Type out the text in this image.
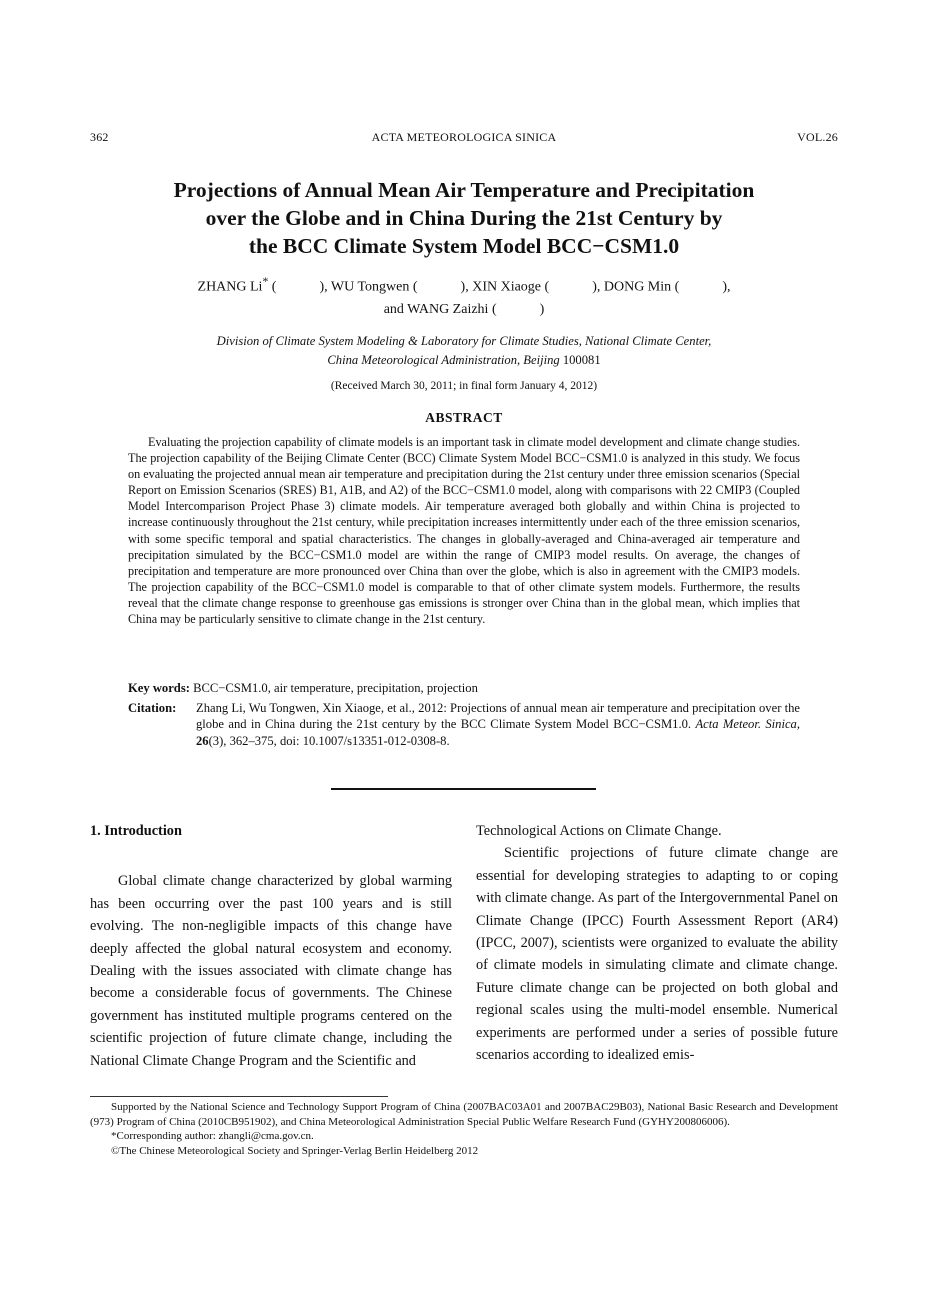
362	ACTA METEOROLOGICA SINICA	VOL.26
Projections of Annual Mean Air Temperature and Precipitation
over the Globe and in China During the 21st Century by
the BCC Climate System Model BCC−CSM1.0
ZHANG Li* (	), WU Tongwen (	), XIN Xiaoge (	), DONG Min (	),
and WANG Zaizhi (	)
Division of Climate System Modeling & Laboratory for Climate Studies, National Climate Center,
China Meteorological Administration, Beijing 100081
(Received March 30, 2011; in final form January 4, 2012)
ABSTRACT

Evaluating the projection capability of climate models is an important task in climate model development and climate change studies. The projection capability of the Beijing Climate Center (BCC) Climate System Model BCC−CSM1.0 is analyzed in this study. We focus on evaluating the projected annual mean air temperature and precipitation during the 21st century under three emission scenarios (Special Report on Emission Scenarios (SRES) B1, A1B, and A2) of the BCC−CSM1.0 model, along with comparisons with 22 CMIP3 (Coupled Model Intercomparison Project Phase 3) climate models. Air temperature averaged both globally and within China is projected to increase continuously throughout the 21st century, while precipitation increases intermittently under each of the three emission scenarios, with some specific temporal and spatial characteristics. The changes in globally-averaged and China-averaged air temperature and precipitation simulated by the BCC−CSM1.0 model are within the range of CMIP3 model results. On average, the changes of precipitation and temperature are more pronounced over China than over the globe, which is also in agreement with the CMIP3 models. The projection capability of the BCC−CSM1.0 model is comparable to that of other climate system models. Furthermore, the results reveal that the climate change response to greenhouse gas emissions is stronger over China than in the global mean, which implies that China may be particularly sensitive to climate change in the 21st century.

Key words: BCC−CSM1.0, air temperature, precipitation, projection
Citation: Zhang Li, Wu Tongwen, Xin Xiaoge, et al., 2012: Projections of annual mean air temperature and precipitation over the globe and in China during the 21st century by the BCC Climate System Model BCC−CSM1.0. Acta Meteor. Sinica, 26(3), 362–375, doi: 10.1007/s13351-012-0308-8.
1. Introduction

Global climate change characterized by global warming has been occurring over the past 100 years and is still evolving. The non-negligible impacts of this change have deeply affected the global natural ecosystem and economy. Dealing with the issues associated with climate change has become a considerable focus of governments. The Chinese government has instituted multiple programs centered on the scientific projection of future climate change, including the National Climate Change Program and the Scientific and

Technological Actions on Climate Change.

Scientific projections of future climate change are essential for developing strategies to adapting to or coping with climate change. As part of the Intergovernmental Panel on Climate Change (IPCC) Fourth Assessment Report (AR4) (IPCC, 2007), scientists were organized to evaluate the ability of climate models in simulating climate and climate change. Future climate change can be projected on both global and regional scales using the multi-model ensemble. Numerical experiments are performed under a series of possible future scenarios according to idealized emis-

Supported by the National Science and Technology Support Program of China (2007BAC03A01 and 2007BAC29B03), National Basic Research and Development (973) Program of China (2010CB951902), and China Meteorological Administration Special Public Welfare Research Fund (GYHY200806006).

*Corresponding author: zhangli@cma.gov.cn.

©The Chinese Meteorological Society and Springer-Verlag Berlin Heidelberg 2012
